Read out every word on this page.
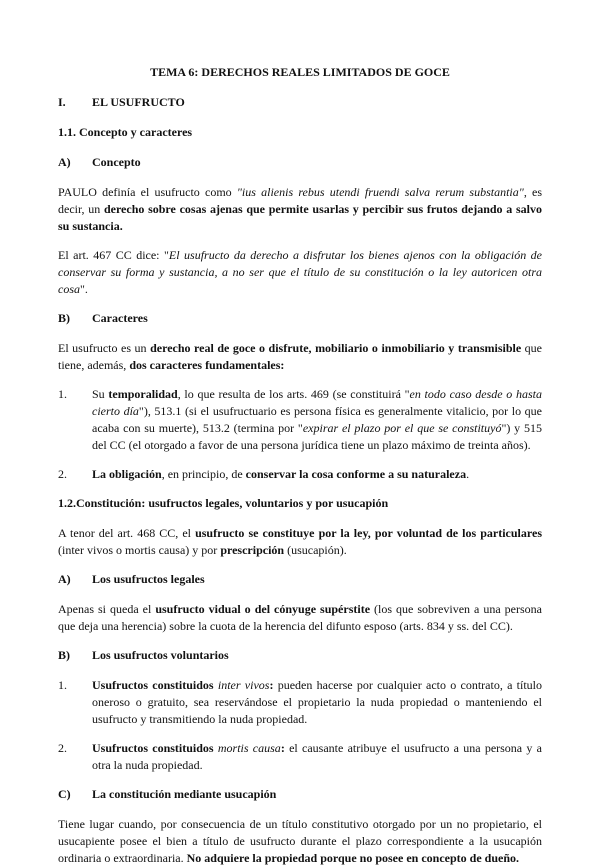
TEMA 6: DERECHOS REALES LIMITADOS DE GOCE
I.	EL USUFRUCTO
1.1. Concepto y caracteres
A)	Concepto
PAULO definía el usufructo como "ius alienis rebus utendi fruendi salva rerum substantia", es decir, un derecho sobre cosas ajenas que permite usarlas y percibir sus frutos dejando a salvo su sustancia.
El art. 467 CC dice: "El usufructo da derecho a disfrutar los bienes ajenos con la obligación de conservar su forma y sustancia, a no ser que el título de su constitución o la ley autoricen otra cosa".
B)	Caracteres
El usufructo es un derecho real de goce o disfrute, mobiliario o inmobiliario y transmisible que tiene, además, dos caracteres fundamentales:
1.	Su temporalidad, lo que resulta de los arts. 469 (se constituirá "en todo caso desde o hasta cierto día"), 513.1 (si el usufructuario es persona física es generalmente vitalicio, por lo que acaba con su muerte), 513.2 (termina por "expirar el plazo por el que se constituyó") y 515 del CC (el otorgado a favor de una persona jurídica tiene un plazo máximo de treinta años).
2.	La obligación, en principio, de conservar la cosa conforme a su naturaleza.
1.2.Constitución: usufructos legales, voluntarios y por usucapión
A tenor del art. 468 CC, el usufructo se constituye por la ley, por voluntad de los particulares (inter vivos o mortis causa) y por prescripción (usucapión).
A)	Los usufructos legales
Apenas si queda el usufructo vidual o del cónyuge supérstite (los que sobreviven a una persona que deja una herencia) sobre la cuota de la herencia del difunto esposo (arts. 834 y ss. del CC).
B)	Los usufructos voluntarios
1.	Usufructos constituidos inter vivos: pueden hacerse por cualquier acto o contrato, a título oneroso o gratuito, sea reservándose el propietario la nuda propiedad o manteniendo el usufructo y transmitiendo la nuda propiedad.
2.	Usufructos constituidos mortis causa: el causante atribuye el usufructo a una persona y a otra la nuda propiedad.
C)	La constitución mediante usucapión
Tiene lugar cuando, por consecuencia de un título constitutivo otorgado por un no propietario, el usucapiente posee el bien a título de usufructo durante el plazo correspondiente a la usucapión ordinaria o extraordinaria. No adquiere la propiedad porque no posee en concepto de dueño.
